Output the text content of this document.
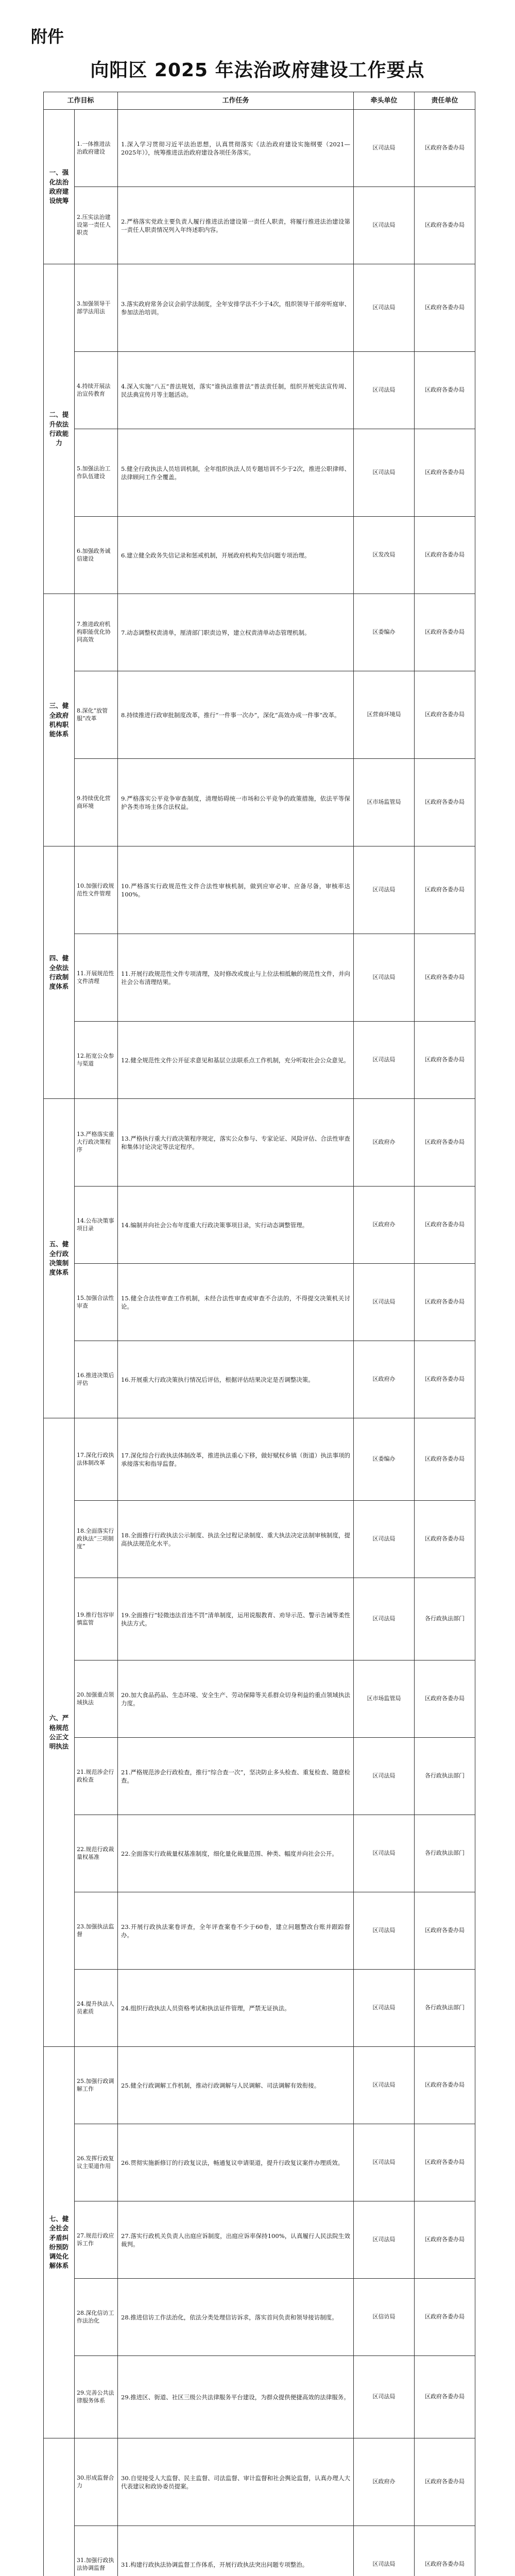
附件
向阳区 2025 年法治政府建设工作要点
工作目标		工作任务	牵头单位	责任单位
一、强化法治政府建设统筹	1.一体推进法治政府建设	1.深入学习贯彻习近平法治思想，认真贯彻落实《法治政府建设实施纲要（2021—2025年）》，统筹推进法治政府建设各项任务落实。	区司法局	区政府各委办局
	2.压实法治建设第一责任人职责	2.严格落实党政主要负责人履行推进法治建设第一责任人职责，将履行推进法治建设第一责任人职责情况列入年终述职内容。	区司法局	区政府各委办局
二、提升依法行政能力	3.加强领导干部学法用法	3.落实政府常务会议会前学法制度，全年安排学法不少于4次，组织领导干部旁听庭审、参加法治培训。	区司法局	区政府各委办局
	4.持续开展法治宣传教育	4.深入实施“八五”普法规划，落实“谁执法谁普法”普法责任制，组织开展宪法宣传周、民法典宣传月等主题活动。	区司法局	区政府各委办局
	5.加强法治工作队伍建设	5.健全行政执法人员培训机制，全年组织执法人员专题培训不少于2次，推进公职律师、法律顾问工作全覆盖。	区司法局	区政府各委办局
	6.加强政务诚信建设	6.建立健全政务失信记录和惩戒机制，开展政府机构失信问题专项治理。	区发改局	区政府各委办局
三、健全政府机构职能体系	7.推进政府机构职能优化协同高效	7.动态调整权责清单，厘清部门职责边界，建立权责清单动态管理机制。	区委编办	区政府各委办局
	8.深化“放管服”改革	8.持续推进行政审批制度改革，推行“一件事一次办”，深化“高效办成一件事”改革。	区营商环境局	区政府各委办局
	9.持续优化营商环境	9.严格落实公平竞争审查制度，清理妨碍统一市场和公平竞争的政策措施，依法平等保护各类市场主体合法权益。	区市场监管局	区政府各委办局
四、健全依法行政制度体系	10.加强行政规范性文件管理	10.严格落实行政规范性文件合法性审核机制，做到应审必审、应备尽备，审核率达100%。	区司法局	区政府各委办局
	11.开展规范性文件清理	11.开展行政规范性文件专项清理，及时修改或废止与上位法相抵触的规范性文件，并向社会公布清理结果。	区司法局	区政府各委办局
	12.拓宽公众参与渠道	12.健全规范性文件公开征求意见和基层立法联系点工作机制，充分听取社会公众意见。	区司法局	区政府各委办局
五、健全行政决策制度体系	13.严格落实重大行政决策程序	13.严格执行重大行政决策程序规定，落实公众参与、专家论证、风险评估、合法性审查和集体讨论决定等法定程序。	区政府办	区政府各委办局
	14.公布决策事项目录	14.编制并向社会公布年度重大行政决策事项目录，实行动态调整管理。	区政府办	区政府各委办局
	15.加强合法性审查	15.健全合法性审查工作机制，未经合法性审查或审查不合法的，不得提交决策机关讨论。	区司法局	区政府各委办局
	16.推进决策后评估	16.开展重大行政决策执行情况后评估，根据评估结果决定是否调整决策。	区政府办	区政府各委办局
六、严格规范公正文明执法	17.深化行政执法体制改革	17.深化综合行政执法体制改革，推进执法重心下移，做好赋权乡镇（街道）执法事项的承接落实和指导监督。	区委编办	区政府各委办局
	18.全面落实行政执法“三项制度”	18.全面推行行政执法公示制度、执法全过程记录制度、重大执法决定法制审核制度，提高执法规范化水平。	区司法局	区政府各委办局
	19.推行包容审慎监管	19.全面推行“轻微违法首违不罚”清单制度，运用说服教育、劝导示范、警示告诫等柔性执法方式。	区司法局	各行政执法部门
	20.加强重点领域执法	20.加大食品药品、生态环境、安全生产、劳动保障等关系群众切身利益的重点领域执法力度。	区市场监管局	区政府各委办局
	21.规范涉企行政检查	21.严格规范涉企行政检查，推行“综合查一次”，坚决防止多头检查、重复检查、随意检查。	区司法局	各行政执法部门
	22.规范行政裁量权基准	22.全面落实行政裁量权基准制度，细化量化裁量范围、种类、幅度并向社会公开。	区司法局	各行政执法部门
	23.加强执法监督	23.开展行政执法案卷评查，全年评查案卷不少于60卷，建立问题整改台账并跟踪督办。	区司法局	区政府各委办局
	24.提升执法人员素质	24.组织行政执法人员资格考试和执法证件管理，严禁无证执法。	区司法局	各行政执法部门
七、健全社会矛盾纠纷预防调处化解体系	25.加强行政调解工作	25.健全行政调解工作机制，推动行政调解与人民调解、司法调解有效衔接。	区司法局	区政府各委办局
	26.发挥行政复议主渠道作用	26.贯彻实施新修订的行政复议法，畅通复议申请渠道，提升行政复议案件办理质效。	区司法局	区政府各委办局
	27.规范行政应诉工作	27.落实行政机关负责人出庭应诉制度，出庭应诉率保持100%，认真履行人民法院生效裁判。	区司法局	区政府各委办局
	28.深化信访工作法治化	28.推进信访工作法治化，依法分类处理信访诉求，落实首问负责和领导接访制度。	区信访局	区政府各委办局
	29.完善公共法律服务体系	29.推进区、街道、社区三级公共法律服务平台建设，为群众提供便捷高效的法律服务。	区司法局	区政府各委办局
	30.形成监督合力	30.自觉接受人大监督、民主监督、司法监督、审计监督和社会舆论监督，认真办理人大代表建议和政协委员提案。	区政府办	区政府各委办局
	31.加强行政执法协调监督	31.构建行政执法协调监督工作体系，开展行政执法突出问题专项整治。	区司法局	区政府各委办局
